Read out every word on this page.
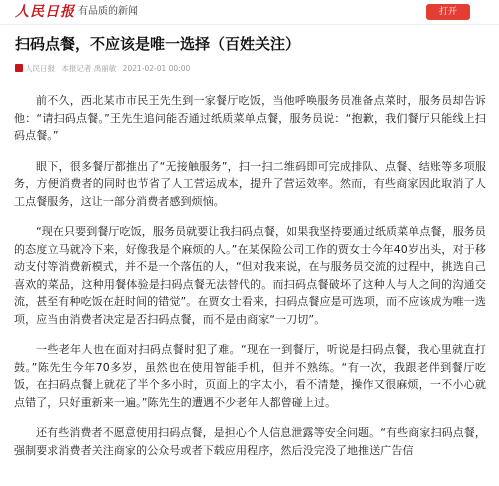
人民日报 有品质的新闻	打开
扫码点餐，不应该是唯一选择（百姓关注）
人民日报 本报记者 禹丽敏 2021-02-01 00:00

前不久，西北某市市民王先生到一家餐厅吃饭，当他呼唤服务员准备点菜时，服务员却告诉他：“请扫码点餐。”王先生追问能否通过纸质菜单点餐，服务员说：“抱歉，我们餐厅只能线上扫码点餐。”

眼下，很多餐厅都推出了“无接触服务”，扫一扫二维码即可完成排队、点餐、结账等多项服务，方便消费者的同时也节省了人工营运成本，提升了营运效率。然而，有些商家因此取消了人工点餐服务，这让一部分消费者感到烦恼。

“现在只要到餐厅吃饭，服务员就要让我扫码点餐，如果我坚持要通过纸质菜单点餐，服务员的态度立马就冷下来，好像我是个麻烦的人。”在某保险公司工作的贾女士今年40岁出头，对于移动支付等消费新模式，并不是一个落伍的人，“但对我来说，在与服务员交流的过程中，挑选自己喜欢的菜品，这种用餐体验是扫码点餐无法替代的。而扫码点餐破坏了这种人与人之间的沟通交流，甚至有种吃饭在赶时间的错觉”。在贾女士看来，扫码点餐应是可选项，而不应该成为唯一选项，应当由消费者决定是否扫码点餐，而不是由商家“一刀切”。

一些老年人也在面对扫码点餐时犯了难。“现在一到餐厅，听说是扫码点餐，我心里就直打鼓。”陈先生今年70多岁，虽然也在使用智能手机，但并不熟练。“有一次，我跟老伴到餐厅吃饭，在扫码点餐上就花了半个多小时，页面上的字太小，看不清楚，操作又很麻烦，一不小心就点错了，只好重新来一遍。”陈先生的遭遇不少老年人都曾碰上过。

还有些消费者不愿意使用扫码点餐，是担心个人信息泄露等安全问题。“有些商家扫码点餐，强制要求消费者关注商家的公众号或者下载应用程序，然后没完没了地推送广告信
